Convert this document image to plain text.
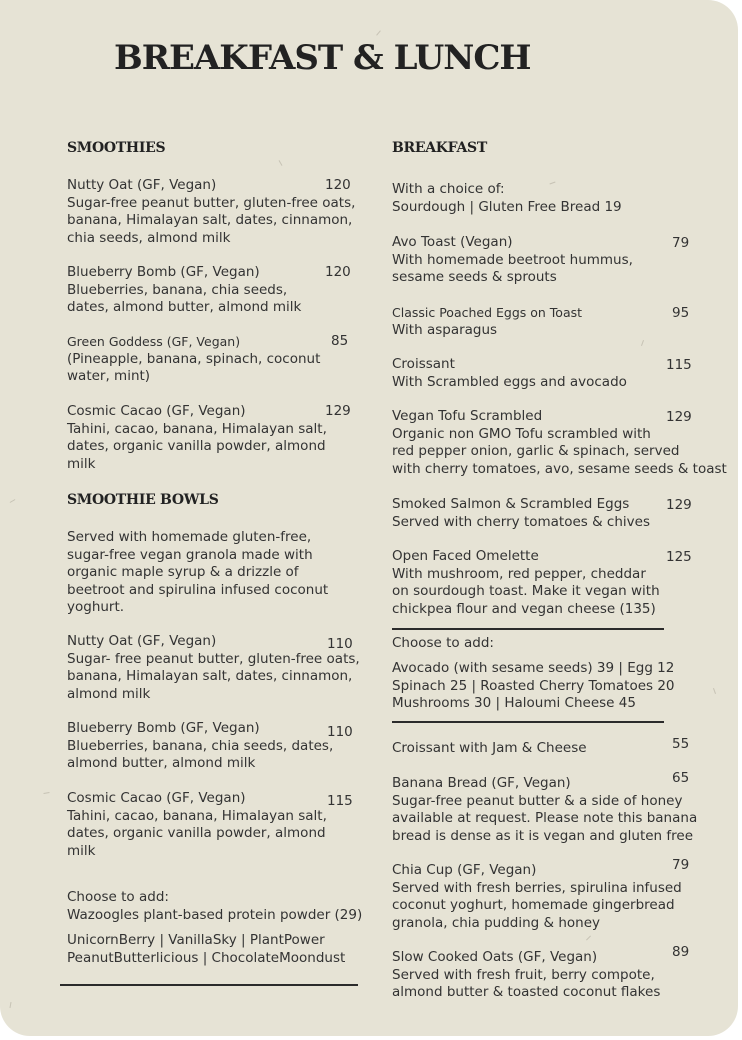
BREAKFAST & LUNCH
SMOOTHIES
Nutty Oat (GF, Vegan)
Sugar-free peanut butter, gluten-free oats,
banana, Himalayan salt, dates, cinnamon,
chia seeds, almond milk
120
Blueberry Bomb (GF, Vegan)
Blueberries, banana, chia seeds,
dates, almond butter, almond milk
120
Green Goddess (GF, Vegan)
(Pineapple, banana, spinach, coconut
water, mint)
85
Cosmic Cacao (GF, Vegan)
Tahini, cacao, banana, Himalayan salt,
dates, organic vanilla powder, almond
milk
129
SMOOTHIE BOWLS
Served with homemade gluten-free,
sugar-free vegan granola made with
organic maple syrup & a drizzle of
beetroot and spirulina infused coconut
yoghurt.
Nutty Oat (GF, Vegan)
Sugar- free peanut butter, gluten-free oats,
banana, Himalayan salt, dates, cinnamon,
almond milk
110
Blueberry Bomb (GF, Vegan)
Blueberries, banana, chia seeds, dates,
almond butter, almond milk
110
Cosmic Cacao (GF, Vegan)
Tahini, cacao, banana, Himalayan salt,
dates, organic vanilla powder, almond
milk
115
Choose to add:
Wazoogles plant-based protein powder (29)
UnicornBerry | VanillaSky | PlantPower
PeanutButterlicious | ChocolateMoondust
BREAKFAST
With a choice of:
Sourdough | Gluten Free Bread 19
Avo Toast (Vegan)
With homemade beetroot hummus,
sesame seeds & sprouts
79
Classic Poached Eggs on Toast
With asparagus
95
Croissant
With Scrambled eggs and avocado
115
Vegan Tofu Scrambled
Organic non GMO Tofu scrambled with
red pepper onion, garlic & spinach, served
with cherry tomatoes, avo, sesame seeds & toast
129
Smoked Salmon & Scrambled Eggs
Served with cherry tomatoes & chives
129
Open Faced Omelette
With mushroom, red pepper, cheddar
on sourdough toast. Make it vegan with
chickpea flour and vegan cheese (135)
125
Choose to add:
Avocado (with sesame seeds) 39 | Egg 12
Spinach 25 | Roasted Cherry Tomatoes 20
Mushrooms 30 | Haloumi Cheese 45
Croissant with Jam & Cheese	55
Banana Bread (GF, Vegan)
Sugar-free peanut butter & a side of honey
available at request. Please note this banana
bread is dense as it is vegan and gluten free
65
Chia Cup (GF, Vegan)
Served with fresh berries, spirulina infused
coconut yoghurt, homemade gingerbread
granola, chia pudding & honey
79
Slow Cooked Oats (GF, Vegan)
Served with fresh fruit, berry compote,
almond butter & toasted coconut flakes
89
